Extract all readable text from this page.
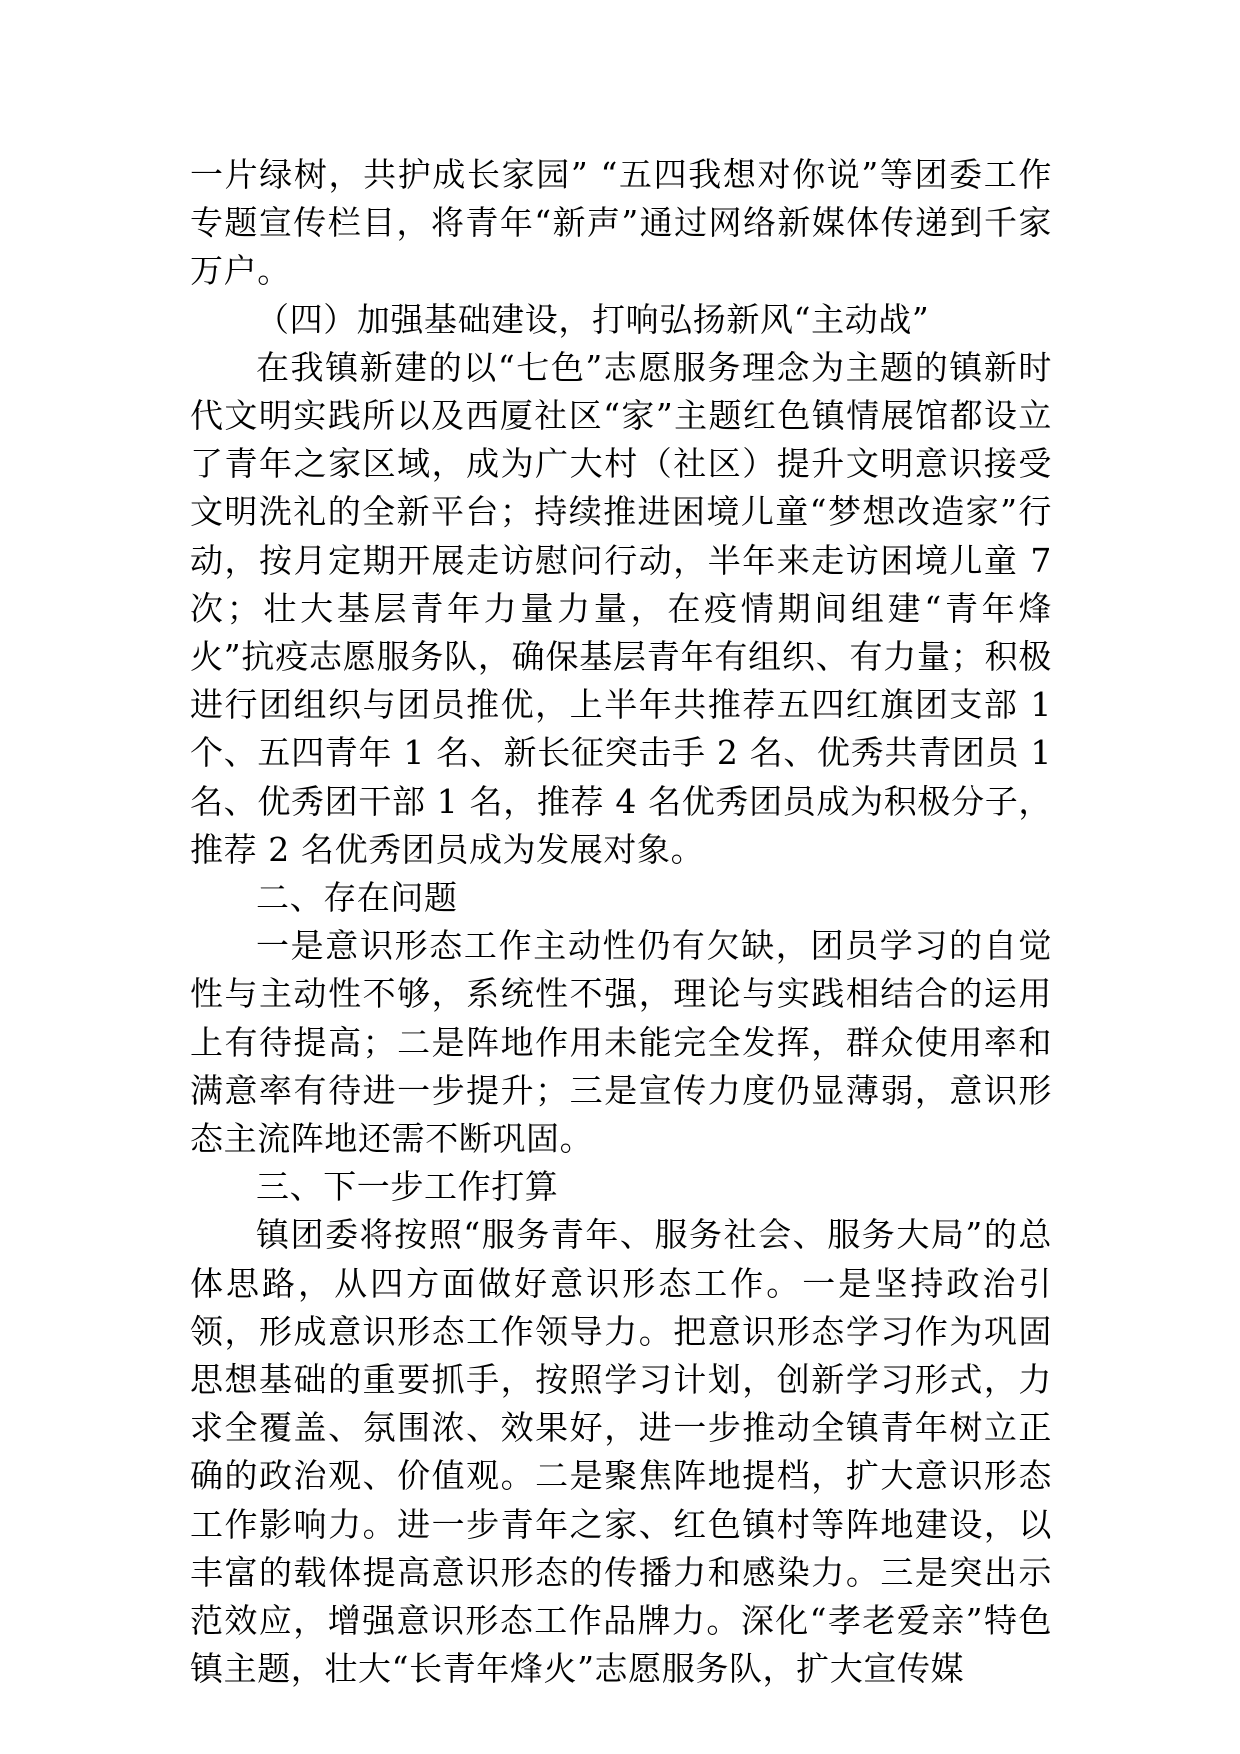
一片绿树，共护成长家园” “五四我想对你说”等团委工作专题宣传栏目，将青年“新声”通过网络新媒体传递到千家万户。

（四）加强基础建设，打响弘扬新风“主动战”

在我镇新建的以“七色”志愿服务理念为主题的镇新时代文明实践所以及西厦社区“家”主题红色镇情展馆都设立了青年之家区域，成为广大村（社区）提升文明意识接受文明洗礼的全新平台；持续推进困境儿童“梦想改造家”行动，按月定期开展走访慰问行动，半年来走访困境儿童 7 次；壮大基层青年力量力量，在疫情期间组建“青年烽火”抗疫志愿服务队，确保基层青年有组织、有力量；积极进行团组织与团员推优，上半年共推荐五四红旗团支部 1 个、五四青年 1 名、新长征突击手 2 名、优秀共青团员 1 名、优秀团干部 1 名，推荐 4 名优秀团员成为积极分子，推荐 2 名优秀团员成为发展对象。

二、存在问题

一是意识形态工作主动性仍有欠缺，团员学习的自觉性与主动性不够，系统性不强，理论与实践相结合的运用上有待提高；二是阵地作用未能完全发挥，群众使用率和满意率有待进一步提升；三是宣传力度仍显薄弱，意识形态主流阵地还需不断巩固。

三、下一步工作打算

镇团委将按照“服务青年、服务社会、服务大局”的总体思路，从四方面做好意识形态工作。一是坚持政治引领，形成意识形态工作领导力。把意识形态学习作为巩固思想基础的重要抓手，按照学习计划，创新学习形式，力求全覆盖、氛围浓、效果好，进一步推动全镇青年树立正确的政治观、价值观。二是聚焦阵地提档，扩大意识形态工作影响力。进一步青年之家、红色镇村等阵地建设，以丰富的载体提高意识形态的传播力和感染力。三是突出示范效应，增强意识形态工作品牌力。深化“孝老爱亲”特色镇主题，壮大“长青年烽火”志愿服务队，扩大宣传媒
